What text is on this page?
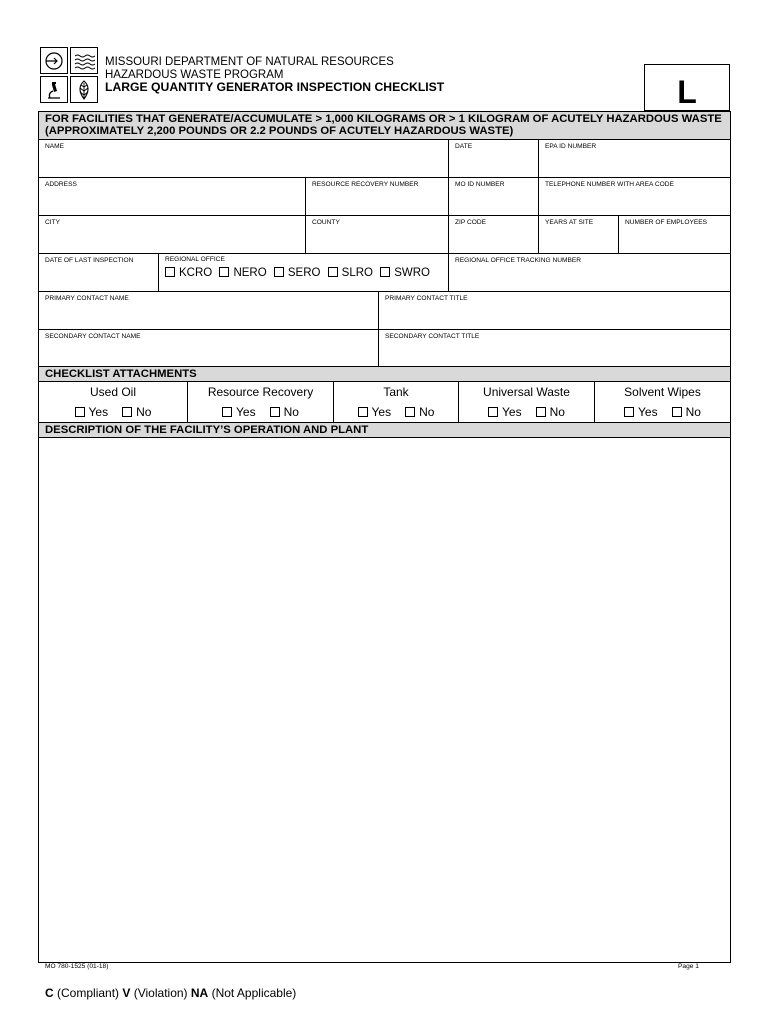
MISSOURI DEPARTMENT OF NATURAL RESOURCES
HAZARDOUS WASTE PROGRAM
LARGE QUANTITY GENERATOR INSPECTION CHECKLIST	L
FOR FACILITIES THAT GENERATE/ACCUMULATE > 1,000 KILOGRAMS OR > 1 KILOGRAM OF ACUTELY HAZARDOUS WASTE (APPROXIMATELY 2,200 POUNDS OR 2.2 POUNDS OF ACUTELY HAZARDOUS WASTE)
NAME	DATE	EPA ID NUMBER
ADDRESS	RESOURCE RECOVERY NUMBER	MO ID NUMBER	TELEPHONE NUMBER WITH AREA CODE
CITY	COUNTY	ZIP CODE	YEARS AT SITE	NUMBER OF EMPLOYEES
DATE OF LAST INSPECTION	REGIONAL OFFICE
KCRO NERO SERO SLRO SWRO
REGIONAL OFFICE TRACKING NUMBER
PRIMARY CONTACT NAME	PRIMARY CONTACT TITLE
SECONDARY CONTACT NAME	SECONDARY CONTACT TITLE
CHECKLIST ATTACHMENTS
Used Oil
Yes No
Resource Recovery
Yes No
Tank
Yes No
Universal Waste
Yes No
Solvent Wipes
Yes No
DESCRIPTION OF THE FACILITY’S OPERATION AND PLANT
MO 780-1525 (01-18)	Page 1
C (Compliant) V (Violation) NA (Not Applicable)
